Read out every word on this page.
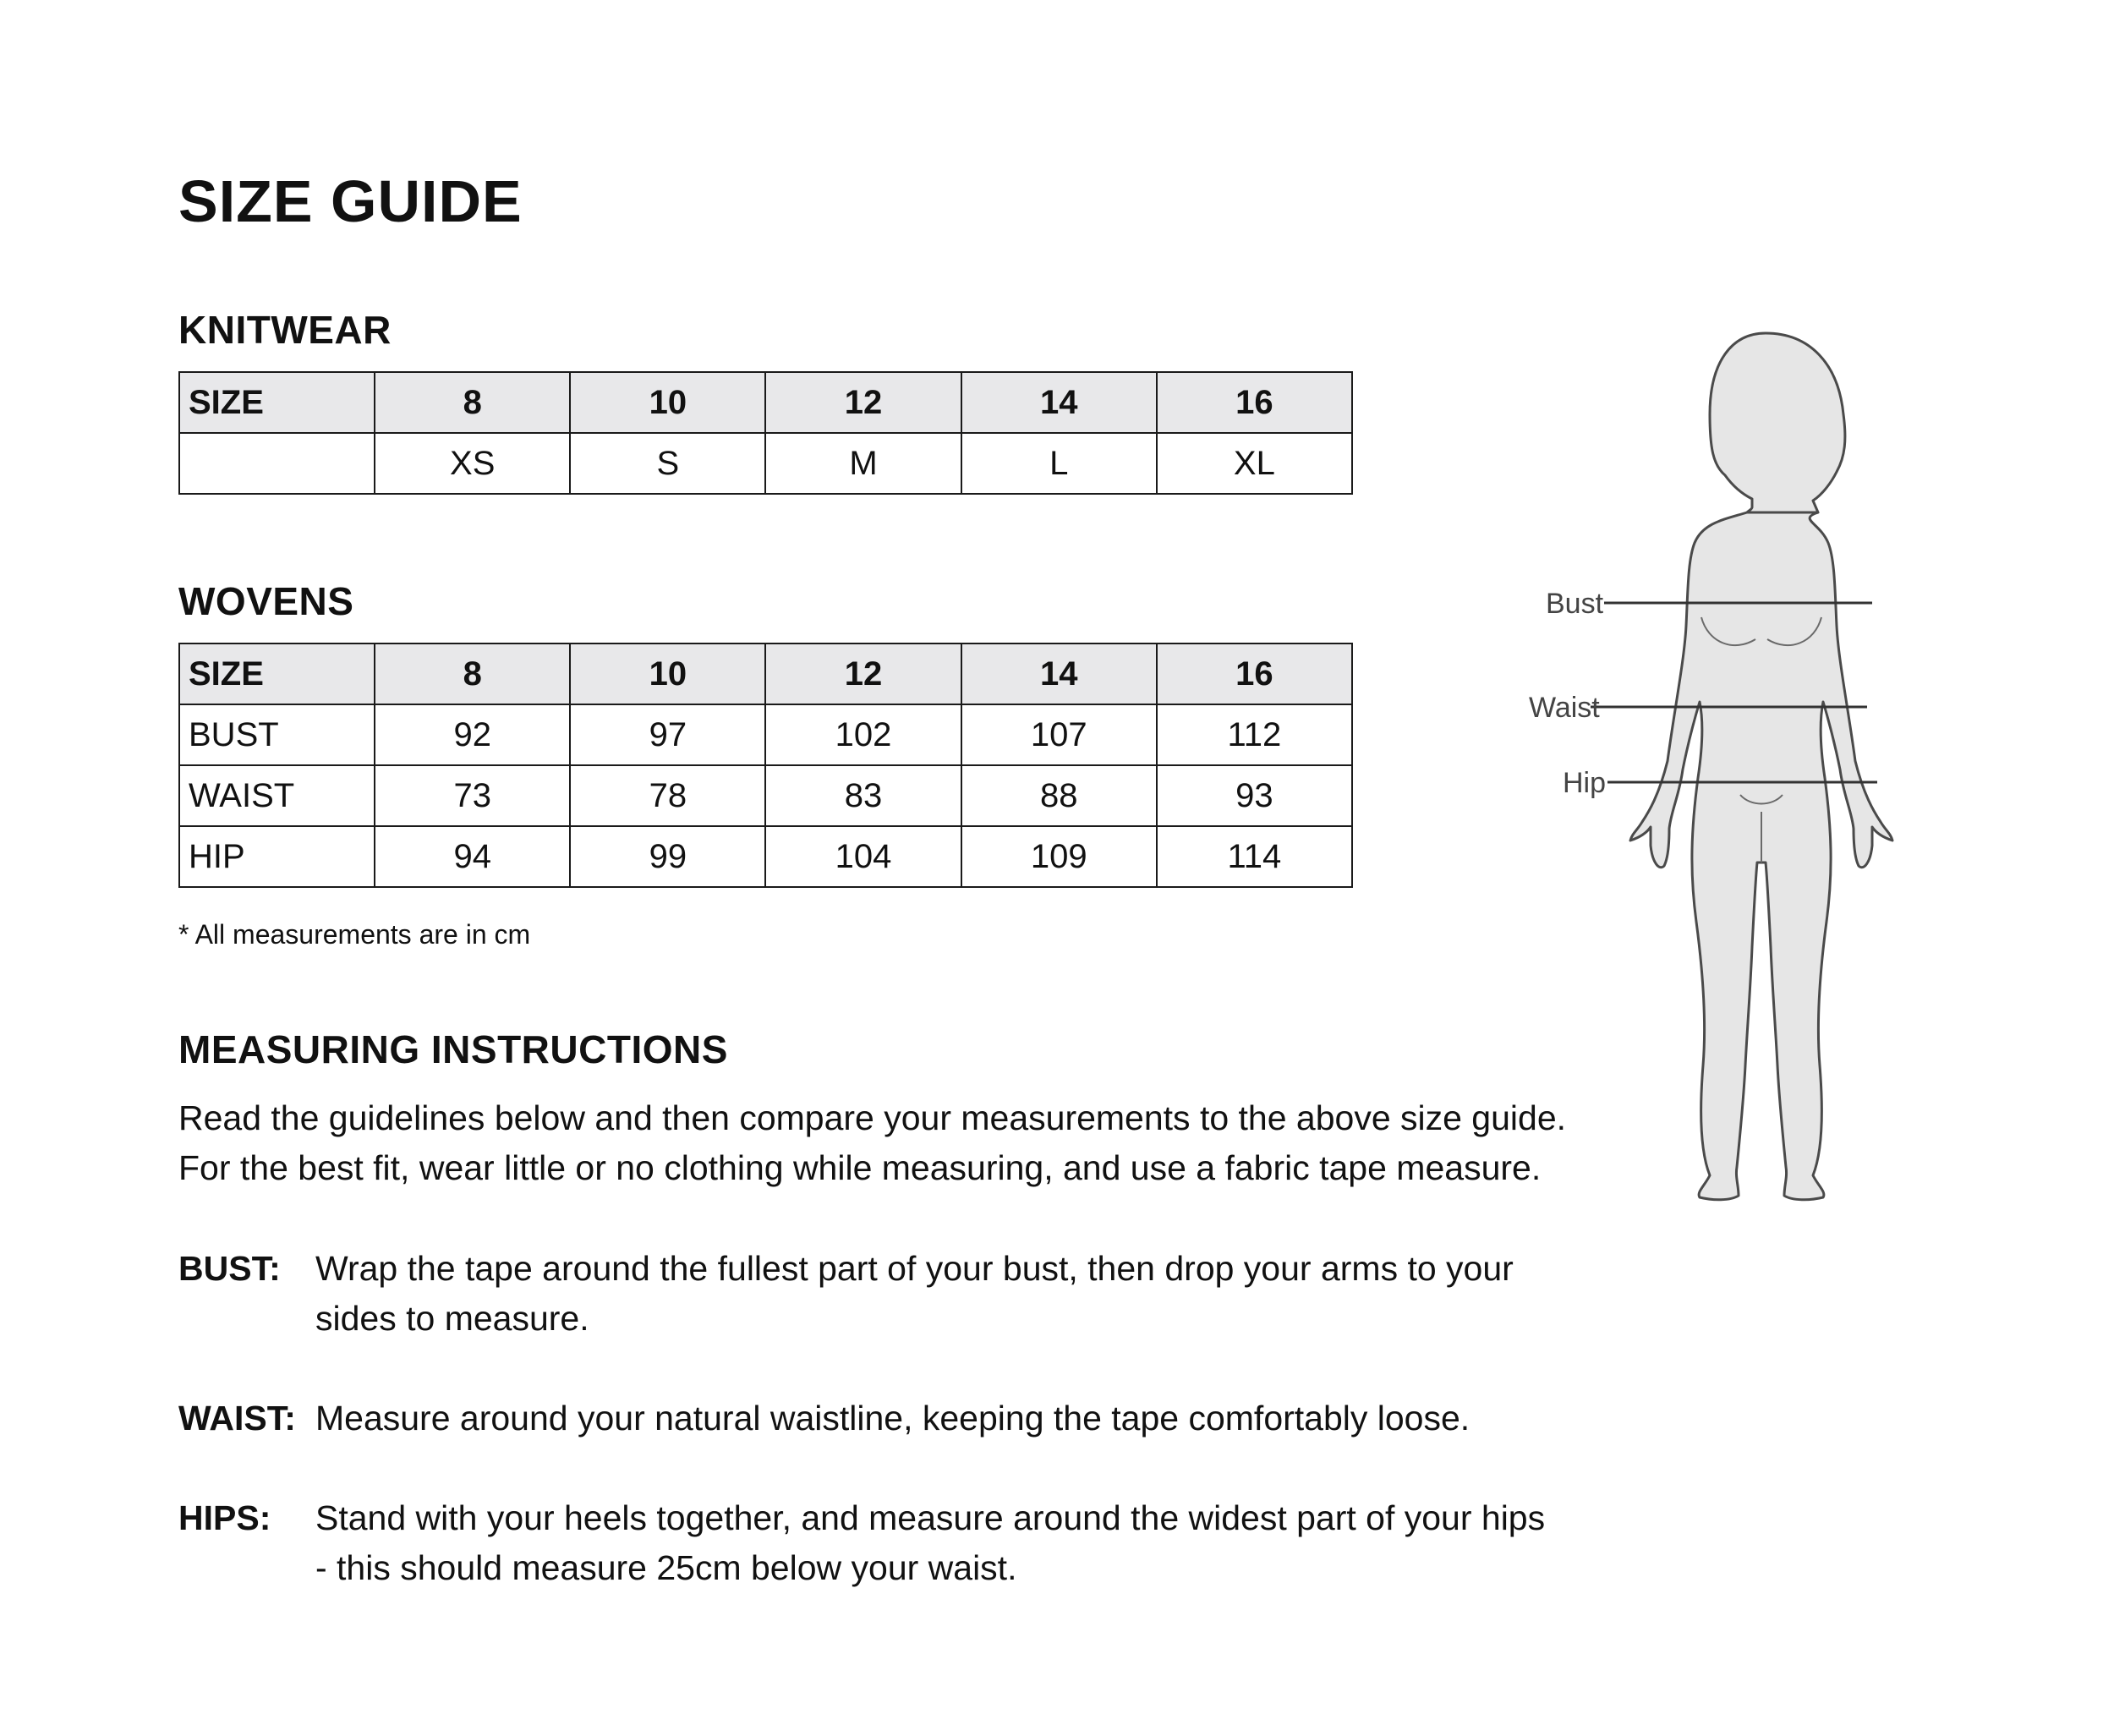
SIZE GUIDE
KNITWEAR
SIZE	8	10	12	14	16
	XS	S	M	L	XL
WOVENS
SIZE	8	10	12	14	16
BUST	92	97	102	107	112
WAIST	73	78	83	88	93
HIP	94	99	104	109	114

* All measurements are in cm

MEASURING INSTRUCTIONS

Read the guidelines below and then compare your measurements to the above size guide.

For the best fit, wear little or no clothing while measuring, and use a fabric tape measure.

BUST: Wrap the tape around the fullest part of your bust, then drop your arms to your
sides to measure.
WAIST: Measure around your natural waistline, keeping the tape comfortably loose.
HIPS: Stand with your heels together, and measure around the widest part of your hips
- this should measure 25cm below your waist.
Bust
Waist
Hip
